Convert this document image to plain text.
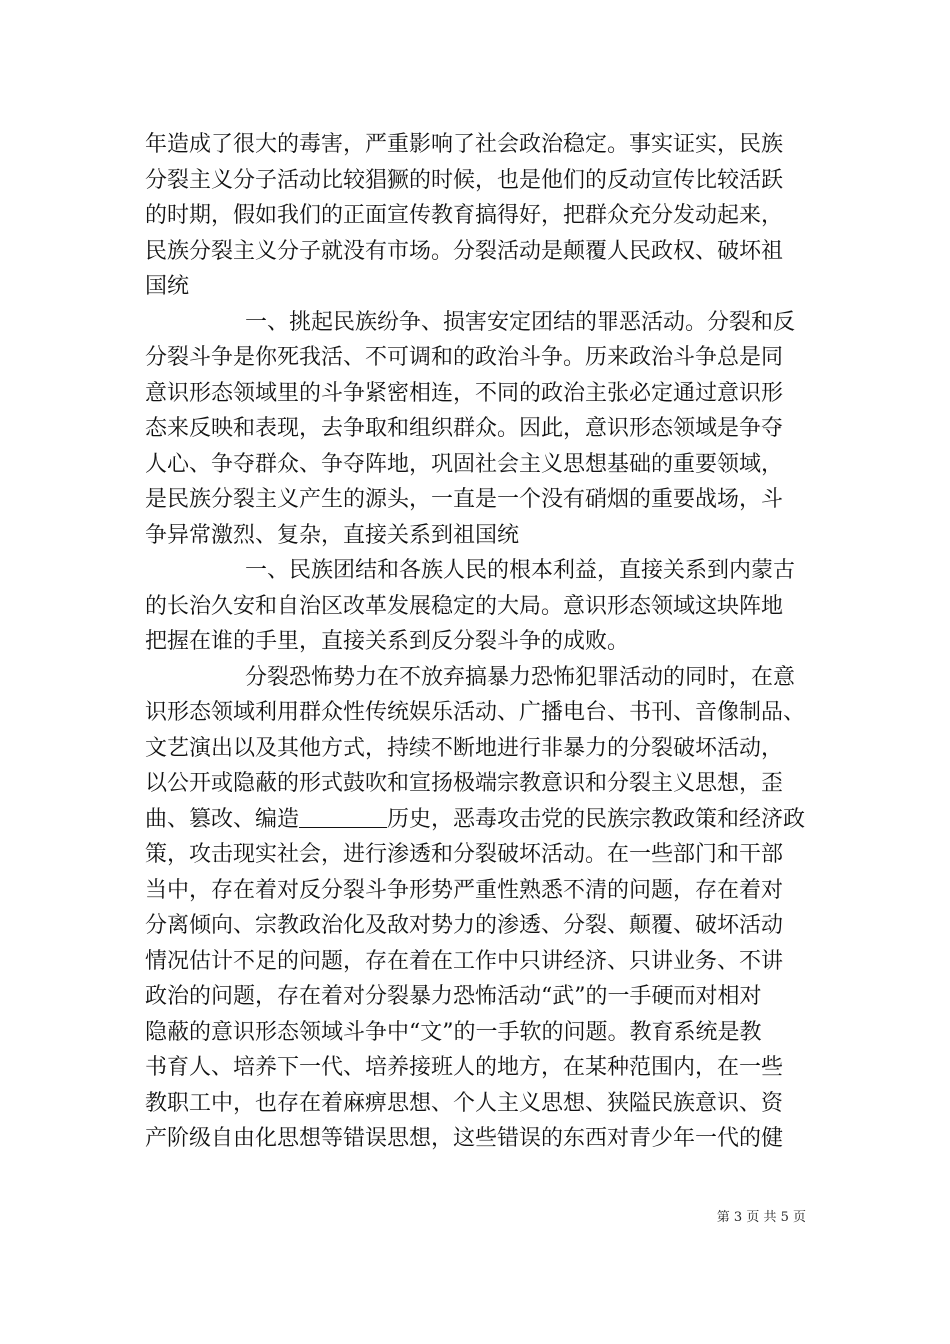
年造成了很大的毒害，严重影响了社会政治稳定。事实证实，民族
分裂主义分子活动比较猖獗的时候，也是他们的反动宣传比较活跃
的时期，假如我们的正面宣传教育搞得好，把群众充分发动起来，
民族分裂主义分子就没有市场。分裂活动是颠覆人民政权、破坏祖
国统
一、挑起民族纷争、损害安定团结的罪恶活动。分裂和反
分裂斗争是你死我活、不可调和的政治斗争。历来政治斗争总是同
意识形态领域里的斗争紧密相连，不同的政治主张必定通过意识形
态来反映和表现，去争取和组织群众。因此，意识形态领域是争夺
人心、争夺群众、争夺阵地，巩固社会主义思想基础的重要领域，
是民族分裂主义产生的源头，一直是一个没有硝烟的重要战场，斗
争异常激烈、复杂，直接关系到祖国统
一、民族团结和各族人民的根本利益，直接关系到内蒙古
的长治久安和自治区改革发展稳定的大局。意识形态领域这块阵地
把握在谁的手里，直接关系到反分裂斗争的成败。
分裂恐怖势力在不放弃搞暴力恐怖犯罪活动的同时，在意
识形态领域利用群众性传统娱乐活动、广播电台、书刊、音像制品、
文艺演出以及其他方式，持续不断地进行非暴力的分裂破坏活动，
以公开或隐蔽的形式鼓吹和宣扬极端宗教意识和分裂主义思想，歪
曲、篡改、编造	历史，恶毒攻击党的民族宗教政策和经济政
策，攻击现实社会，进行渗透和分裂破坏活动。在一些部门和干部
当中，存在着对反分裂斗争形势严重性熟悉不清的问题，存在着对
分离倾向、宗教政治化及敌对势力的渗透、分裂、颠覆、破坏活动
情况估计不足的问题，存在着在工作中只讲经济、只讲业务、不讲
政治的问题，存在着对分裂暴力恐怖活动“武”的一手硬而对相对
隐蔽的意识形态领域斗争中“文”的一手软的问题。教育系统是教
书育人、培养下一代、培养接班人的地方，在某种范围内，在一些
教职工中，也存在着麻痹思想、个人主义思想、狭隘民族意识、资
产阶级自由化思想等错误思想，这些错误的东西对青少年一代的健
第 3 页 共 5 页
